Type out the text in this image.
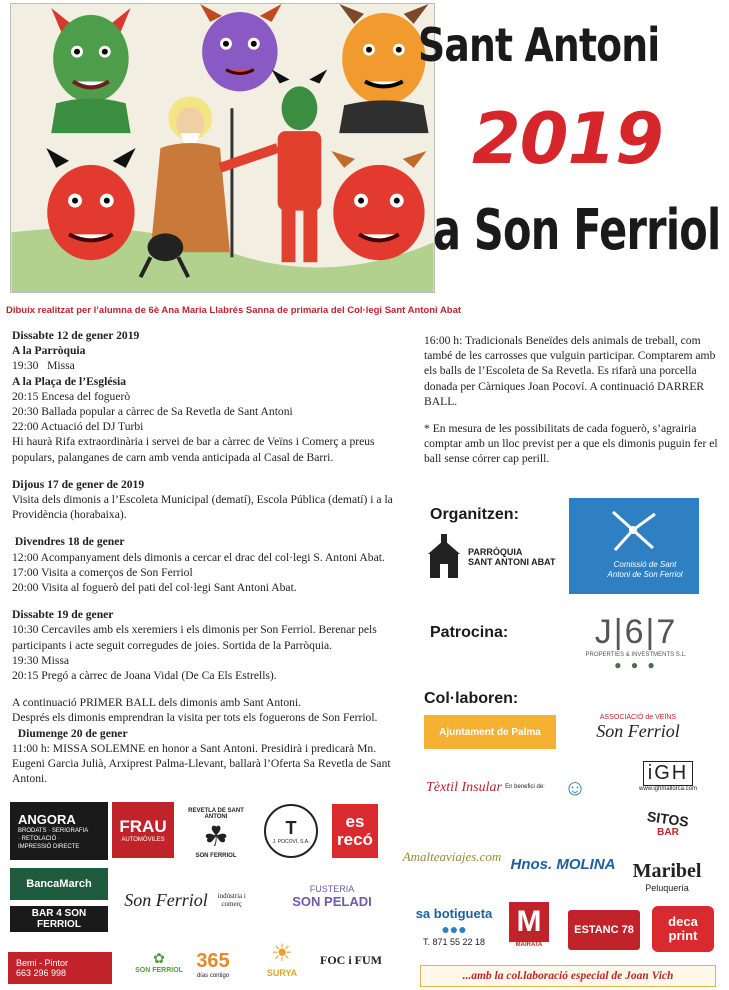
Sant Antoni
2019
a Son Ferriol
Dibuix realitzat per l’alumna de 6è Ana Maria Llabrés Sanna de primaria del Col·legi Sant Antoni Abat

Dissabte 12 de gener 2019

A la Parròquia

19:30   Missa

A la Plaça de l’Església

20:15 Encesa del foguerò

20:30 Ballada popular a càrrec de Sa Revetla de Sant Antoni

22:00 Actuació del DJ Turbi

Hi haurà Rifa extraordinària i servei de bar a càrrec de Veïns i Comerç a preus populars, palanganes de carn amb venda anticipada al Casal de Barri.

Dijous 17 de gener de 2019

Visita dels dimonis a l’Escoleta Municipal (dematí), Escola Pública (dematí) i a la Providència (horabaixa).

Divendres 18 de gener

12:00 Acompanyament dels dimonis a cercar el drac del col·legi S. Antoni Abat.

17:00 Visita a comerços de Son Ferriol

20:00 Visita al foguerò del pati del col·legi Sant Antoni Abat.

Dissabte 19 de gener

10:30 Cercaviles amb els xeremiers i els dimonis per Son Ferriol. Berenar pels participants i acte seguit corregudes de joies. Sortida de la Parròquia.

19:30 Missa

20:15 Pregó a càrrec de Joana Vidal (De Ca Els Estrells).

A continuació PRIMER BALL dels dimonis amb Sant Antoni.

Després els dimonis emprendran la visita per tots els foguerons de Son Ferriol.

Diumenge 20 de gener

11:00 h: MISSA SOLEMNE en honor a Sant Antoni. Presidirà i predicarà Mn. Eugeni Garcia Julià, Arxiprest Palma-Llevant, ballarà l’Oferta Sa Revetla de Sant Antoni.

16:00 h: Tradicionals Beneïdes dels animals de treball, com també de les carrosses que vulguin participar. Comptarem amb els balls de l’Escoleta de Sa Revetla. Es rifarà una porcella donada per Càrniques Joan Pocoví. A continuació DARRER BALL.

* En mesura de les possibilitats de cada foguerò, s’agrairia comptar amb un lloc previst per a que els dimonis puguin fer el ball sense córrer cap perill.

Organitzen:
PARRÒQUIA
SANT ANTONI ABAT	Comissió de Sant Antoni de Son Ferriol
Patrocina:	J|6|7
PROPERTIES & INVESTMENTS S.L.
● ● ●
Col·laboren:
Ajuntament de Palma
ASSOCIACIÓ de VEÏNS
Son Ferriol
Tèxtil Insular En benefici de: ☺
iGH
www.ighmallorca.com
SITOS
BAR
Amalteaviajes.com Hnos. MOLINA Maribel
Peluquería
sa botigueta
●●●
T. 871 55 22 18
M
MAIRATA
ESTANC 78
deca
print
ANGORA
BRODATS · SERIGRAFIA · RETOLACIÓ · IMPRESSIÓ DIRECTE
FRAU
AUTOMÒVILES
REVETLA DE SANT ANTONI
☘
SON FERRIOL
T
J. POCOVÍ, S.A.
es
recó
BancaMarch
Son Ferriol	indústria i comerç
FUSTERIA
SON PELADI
BAR 4 SON FERRIOL
Bemi - Pintor
663 296 998
✿
SON FERRIOL 365
días contigo
☀
SURYA
FOC i FUM
...amb la col.laboració especial de Joan Vich
